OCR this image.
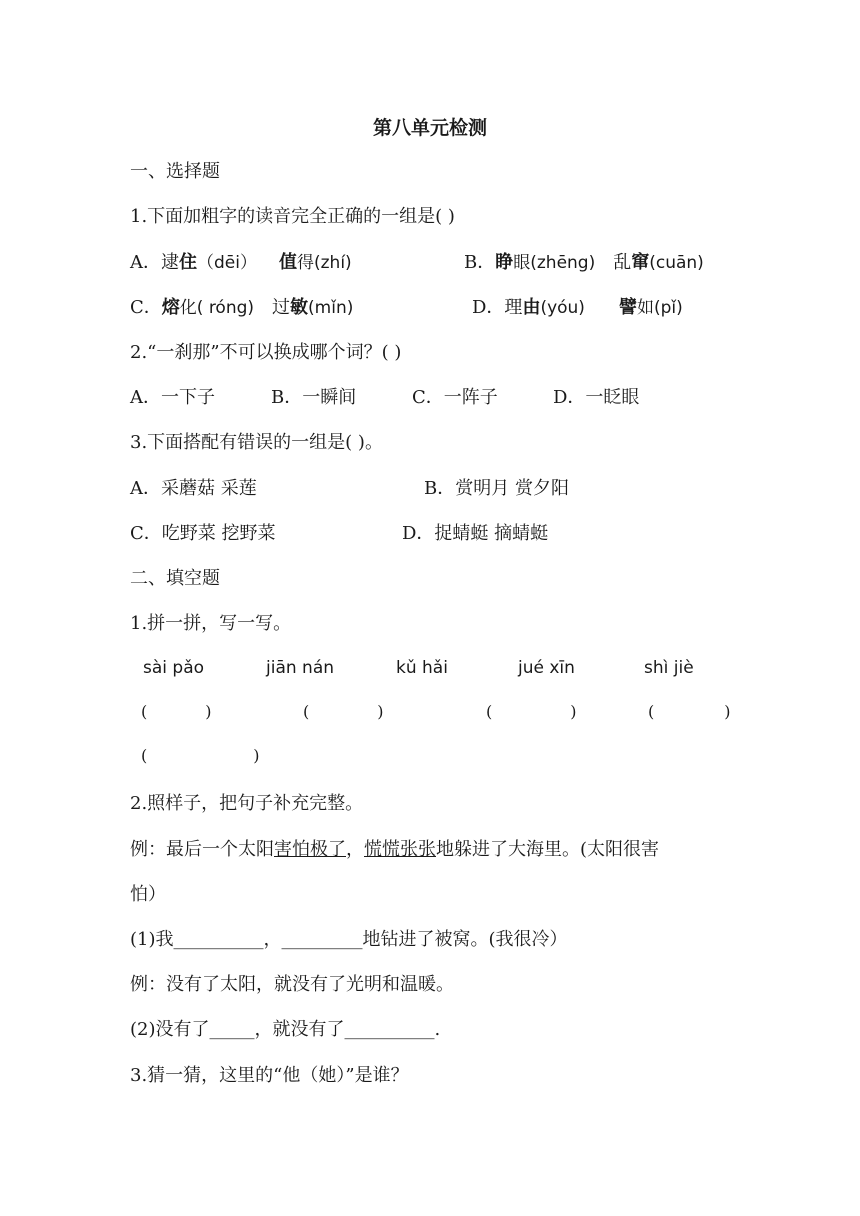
第八单元检测
一、选择题
1.下面加粗字的读音完全正确的一组是( )
A．逮住（dēi） 值得(zhí)	B．睁眼(zhēng) 乱窜(cuān)
C．熔化( róng) 过敏(mǐn)	D．理由(yóu) 譬如(pǐ)
2.“一刹那”不可以换成哪个词？( )
A．一下子	B．一瞬间	C．一阵子	D．一眨眼
3.下面搭配有错误的一组是( )。
A．采蘑菇 采莲	B．赏明月 赏夕阳
C．吃野菜 挖野菜	D．捉蜻蜓 摘蜻蜓
二、填空题
1.拼一拼，写一写。
sài pǎo	jiān nán	kǔ hǎi	jué xīn	shì jiè
(	)	(	)	(	)	(	)
(	)
2.照样子，把句子补充完整。
例：最后一个太阳害怕极了，慌慌张张地躲进了大海里。(太阳很害
怕）
(1)我__________，_________地钻进了被窝。(我很冷）
例：没有了太阳，就没有了光明和温暖。
(2)没有了_____，就没有了__________.
3.猜一猜，这里的“他（她）”是谁？
